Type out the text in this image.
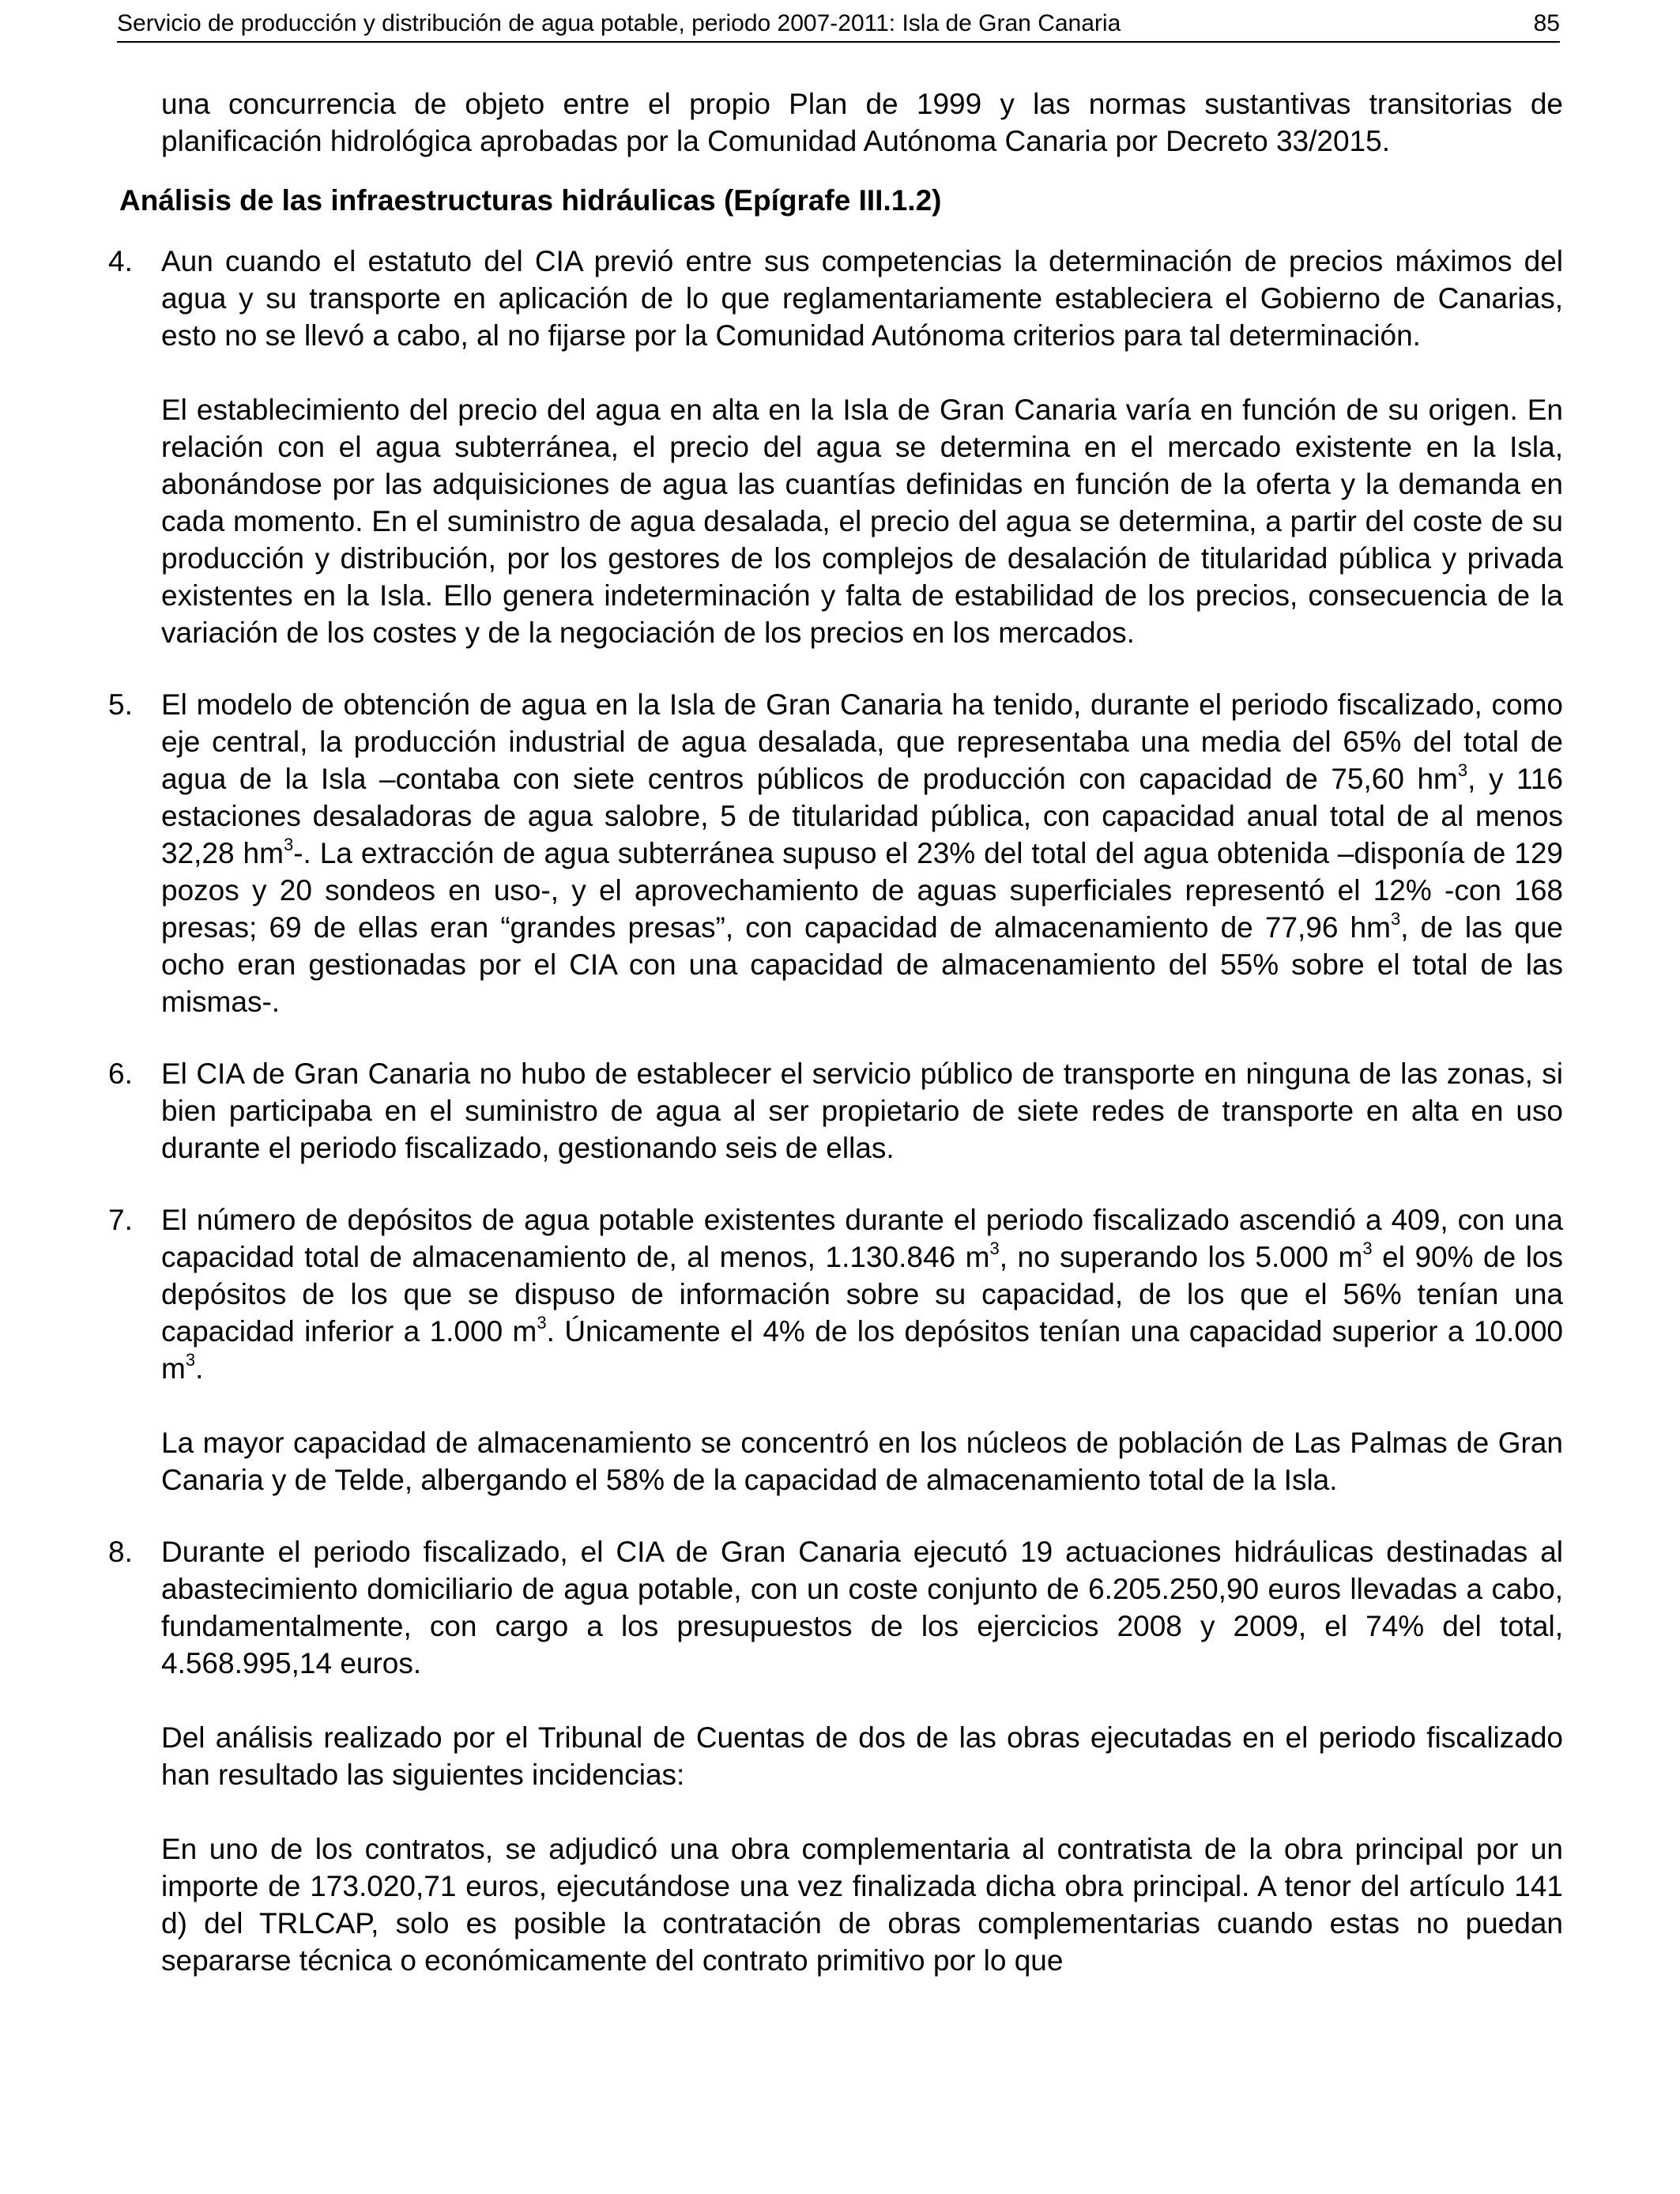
Servicio de producción y distribución de agua potable, periodo 2007-2011: Isla de Gran Canaria	85

una concurrencia de objeto entre el propio Plan de 1999 y las normas sustantivas transitorias de planificación hidrológica aprobadas por la Comunidad Autónoma Canaria por Decreto 33/2015.

Análisis de las infraestructuras hidráulicas (Epígrafe III.1.2)

4. Aun cuando el estatuto del CIA previó entre sus competencias la determinación de precios máximos del agua y su transporte en aplicación de lo que reglamentariamente estableciera el Gobierno de Canarias, esto no se llevó a cabo, al no fijarse por la Comunidad Autónoma criterios para tal determinación.

El establecimiento del precio del agua en alta en la Isla de Gran Canaria varía en función de su origen. En relación con el agua subterránea, el precio del agua se determina en el mercado existente en la Isla, abonándose por las adquisiciones de agua las cuantías definidas en función de la oferta y la demanda en cada momento. En el suministro de agua desalada, el precio del agua se determina, a partir del coste de su producción y distribución, por los gestores de los complejos de desalación de titularidad pública y privada existentes en la Isla. Ello genera indeterminación y falta de estabilidad de los precios, consecuencia de la variación de los costes y de la negociación de los precios en los mercados.

5. El modelo de obtención de agua en la Isla de Gran Canaria ha tenido, durante el periodo fiscalizado, como eje central, la producción industrial de agua desalada, que representaba una media del 65% del total de agua de la Isla –contaba con siete centros públicos de producción con capacidad de 75,60 $hm^3$, y 116 estaciones desaladoras de agua salobre, 5 de titularidad pública, con capacidad anual total de al menos 32,28 $hm^3-$. La extracción de agua subterránea supuso el 23% del total del agua obtenida –disponía de 129 pozos y 20 sondeos en uso-, y el aprovechamiento de aguas superficiales representó el 12% -con 168 presas; 69 de ellas eran “grandes presas”, con capacidad de almacenamiento de 77,96 $hm^3$, de las que ocho eran gestionadas por el CIA con una capacidad de almacenamiento del 55% sobre el total de las mismas-.

6. El CIA de Gran Canaria no hubo de establecer el servicio público de transporte en ninguna de las zonas, si bien participaba en el suministro de agua al ser propietario de siete redes de transporte en alta en uso durante el periodo fiscalizado, gestionando seis de ellas.

7. El número de depósitos de agua potable existentes durante el periodo fiscalizado ascendió a 409, con una capacidad total de almacenamiento de, al menos, 1.130.846 $m^3$, no superando los 5.000 $m^3$ el 90% de los depósitos de los que se dispuso de información sobre su capacidad, de los que el 56% tenían una capacidad inferior a 1.000 $m^3$. Únicamente el 4% de los depósitos tenían una capacidad superior a 10.000 $m^3$.

La mayor capacidad de almacenamiento se concentró en los núcleos de población de Las Palmas de Gran Canaria y de Telde, albergando el 58% de la capacidad de almacenamiento total de la Isla.

8. Durante el periodo fiscalizado, el CIA de Gran Canaria ejecutó 19 actuaciones hidráulicas destinadas al abastecimiento domiciliario de agua potable, con un coste conjunto de 6.205.250,90 euros llevadas a cabo, fundamentalmente, con cargo a los presupuestos de los ejercicios 2008 y 2009, el 74% del total, 4.568.995,14 euros.

Del análisis realizado por el Tribunal de Cuentas de dos de las obras ejecutadas en el periodo fiscalizado han resultado las siguientes incidencias:

En uno de los contratos, se adjudicó una obra complementaria al contratista de la obra principal por un importe de 173.020,71 euros, ejecutándose una vez finalizada dicha obra principal. A tenor del artículo 141 d) del TRLCAP, solo es posible la contratación de obras complementarias cuando estas no puedan separarse técnica o económicamente del contrato primitivo por lo que
